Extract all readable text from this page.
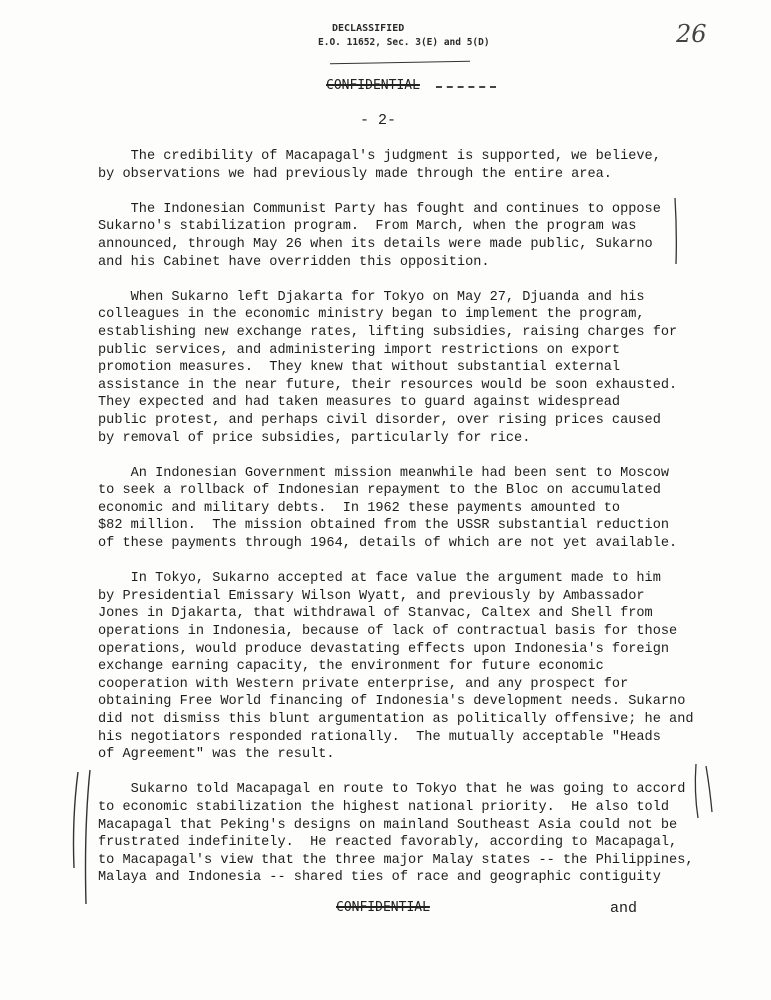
DECLASSIFIED
E.O. 11652, Sec. 3(E) and 5(D)	26
CONFIDENTIAL
- 2-
The credibility of Macapagal's judgment is supported, we believe,
by observations we had previously made through the entire area.
The Indonesian Communist Party has fought and continues to oppose
Sukarno's stabilization program.  From March, when the program was
announced, through May 26 when its details were made public, Sukarno
and his Cabinet have overridden this opposition.
When Sukarno left Djakarta for Tokyo on May 27, Djuanda and his
colleagues in the economic ministry began to implement the program,
establishing new exchange rates, lifting subsidies, raising charges for
public services, and administering import restrictions on export
promotion measures.  They knew that without substantial external
assistance in the near future, their resources would be soon exhausted.
They expected and had taken measures to guard against widespread
public protest, and perhaps civil disorder, over rising prices caused
by removal of price subsidies, particularly for rice.
An Indonesian Government mission meanwhile had been sent to Moscow
to seek a rollback of Indonesian repayment to the Bloc on accumulated
economic and military debts.  In 1962 these payments amounted to
$82 million.  The mission obtained from the USSR substantial reduction
of these payments through 1964, details of which are not yet available.
In Tokyo, Sukarno accepted at face value the argument made to him
by Presidential Emissary Wilson Wyatt, and previously by Ambassador
Jones in Djakarta, that withdrawal of Stanvac, Caltex and Shell from
operations in Indonesia, because of lack of contractual basis for those
operations, would produce devastating effects upon Indonesia's foreign
exchange earning capacity, the environment for future economic
cooperation with Western private enterprise, and any prospect for
obtaining Free World financing of Indonesia's development needs. Sukarno
did not dismiss this blunt argumentation as politically offensive; he and
his negotiators responded rationally.  The mutually acceptable "Heads
of Agreement" was the result.
Sukarno told Macapagal en route to Tokyo that he was going to accord
to economic stabilization the highest national priority.  He also told
Macapagal that Peking's designs on mainland Southeast Asia could not be
frustrated indefinitely.  He reacted favorably, according to Macapagal,
to Macapagal's view that the three major Malay states -- the Philippines,
Malaya and Indonesia -- shared ties of race and geographic contiguity
CONFIDENTIAL	and
